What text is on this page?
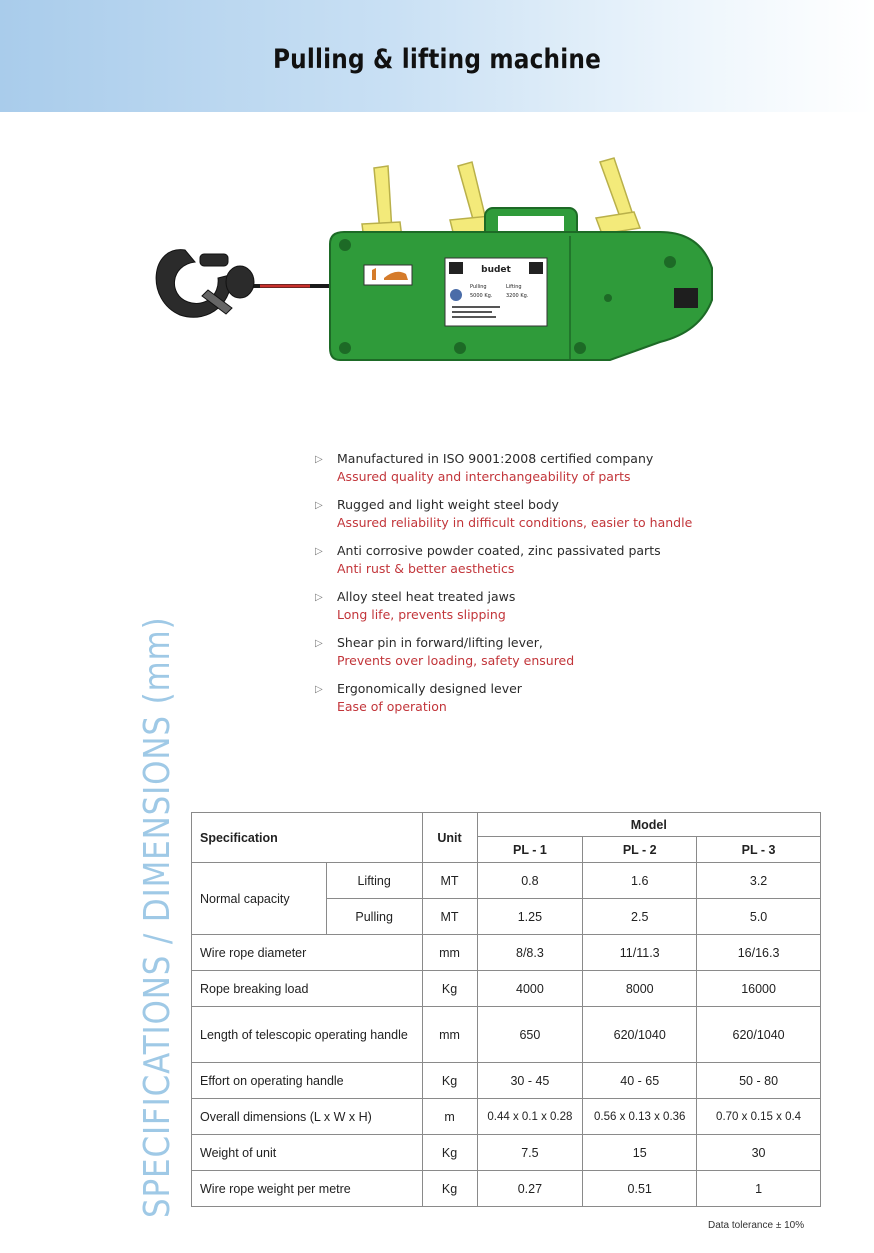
Pulling & lifting machine
budet
Pulling
5000 Kg.
Lifting
3200 Kg.
▷ Manufactured in ISO 9001:2008 certified company
Assured quality and interchangeability of parts
▷ Rugged and light weight steel body
Assured reliability in difficult conditions, easier to handle
▷ Anti corrosive powder coated, zinc passivated parts
Anti rust & better aesthetics
▷ Alloy steel heat treated jaws
Long life, prevents slipping
▷ Shear pin in forward/lifting lever,
Prevents over loading, safety ensured
▷ Ergonomically designed lever
Ease of operation
SPECIFICATIONS / DIMENSIONS (mm)	Specification		Unit	Model		
			PL - 1	PL - 2	PL - 3
Normal capacity	Lifting	MT	0.8	1.6	3.2
	Pulling	MT	1.25	2.5	5.0
Wire rope diameter		mm	8/8.3	11/11.3	16/16.3
Rope breaking load		Kg	4000	8000	16000
Length of telescopic operating handle		mm	650	620/1040	620/1040
Effort on operating handle		Kg	30 - 45	40 - 65	50 - 80
Overall dimensions (L x W x H)		m	0.44 x 0.1 x 0.28	0.56 x 0.13 x 0.36	0.70 x 0.15 x 0.4
Weight of unit		Kg	7.5	15	30
Wire rope weight per metre		Kg	0.27	0.51	1
Data tolerance ± 10%
